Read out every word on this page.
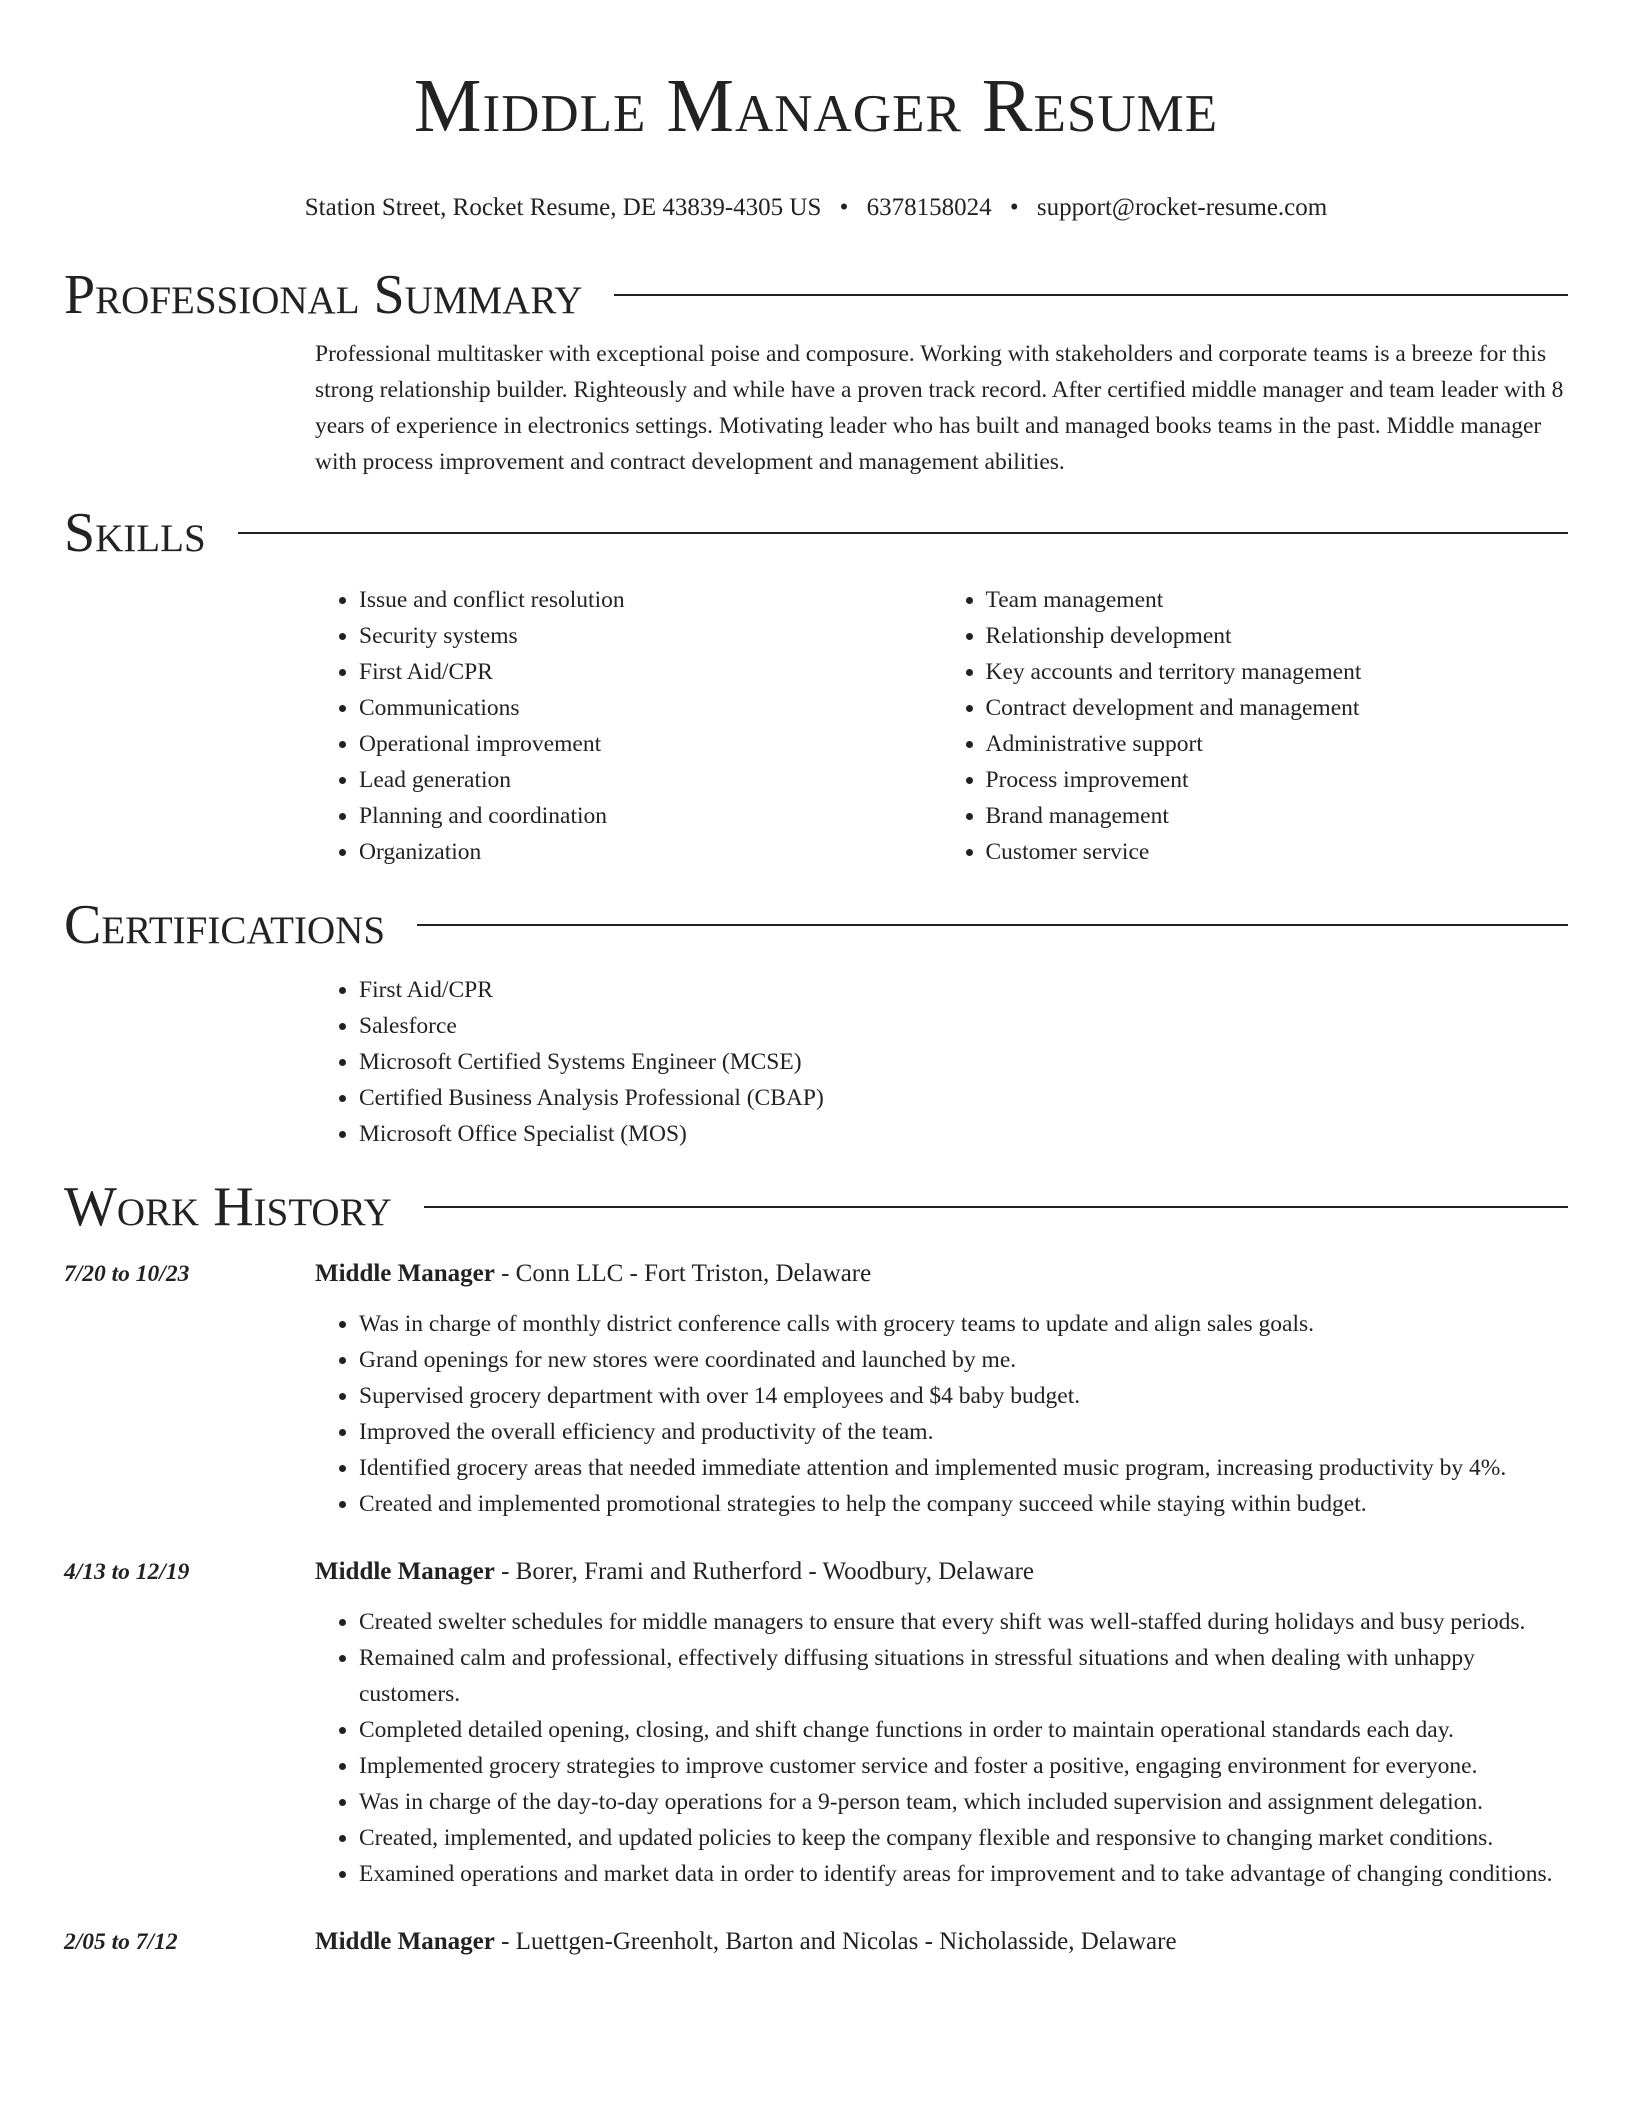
Middle Manager Resume
Station Street, Rocket Resume, DE 43839-4305 US • 6378158024 • support@rocket-resume.com
Professional Summary

Professional multitasker with exceptional poise and composure. Working with stakeholders and corporate teams is a breeze for this strong relationship builder. Righteously and while have a proven track record. After certified middle manager and team leader with 8 years of experience in electronics settings. Motivating leader who has built and managed books teams in the past. Middle manager with process improvement and contract development and management abilities.

Skills
• Issue and conflict resolution
• Security systems
• First Aid/CPR
• Communications
• Operational improvement
• Lead generation
• Planning and coordination
• Organization
• Team management
• Relationship development
• Key accounts and territory management
• Contract development and management
• Administrative support
• Process improvement
• Brand management
• Customer service
Certifications
• First Aid/CPR
• Salesforce
• Microsoft Certified Systems Engineer (MCSE)
• Certified Business Analysis Professional (CBAP)
• Microsoft Office Specialist (MOS)
Work History
7/20 to 10/23	Middle Manager - Conn LLC - Fort Triston, Delaware
• Was in charge of monthly district conference calls with grocery teams to update and align sales goals.
• Grand openings for new stores were coordinated and launched by me.
• Supervised grocery department with over 14 employees and $4 baby budget.
• Improved the overall efficiency and productivity of the team.
• Identified grocery areas that needed immediate attention and implemented music program, increasing productivity by 4%.
• Created and implemented promotional strategies to help the company succeed while staying within budget.
4/13 to 12/19	Middle Manager - Borer, Frami and Rutherford - Woodbury, Delaware
• Created swelter schedules for middle managers to ensure that every shift was well-staffed during holidays and busy periods.
• Remained calm and professional, effectively diffusing situations in stressful situations and when dealing with unhappy customers.
• Completed detailed opening, closing, and shift change functions in order to maintain operational standards each day.
• Implemented grocery strategies to improve customer service and foster a positive, engaging environment for everyone.
• Was in charge of the day-to-day operations for a 9-person team, which included supervision and assignment delegation.
• Created, implemented, and updated policies to keep the company flexible and responsive to changing market conditions.
• Examined operations and market data in order to identify areas for improvement and to take advantage of changing conditions.
2/05 to 7/12	Middle Manager - Luettgen-Greenholt, Barton and Nicolas - Nicholasside, Delaware
